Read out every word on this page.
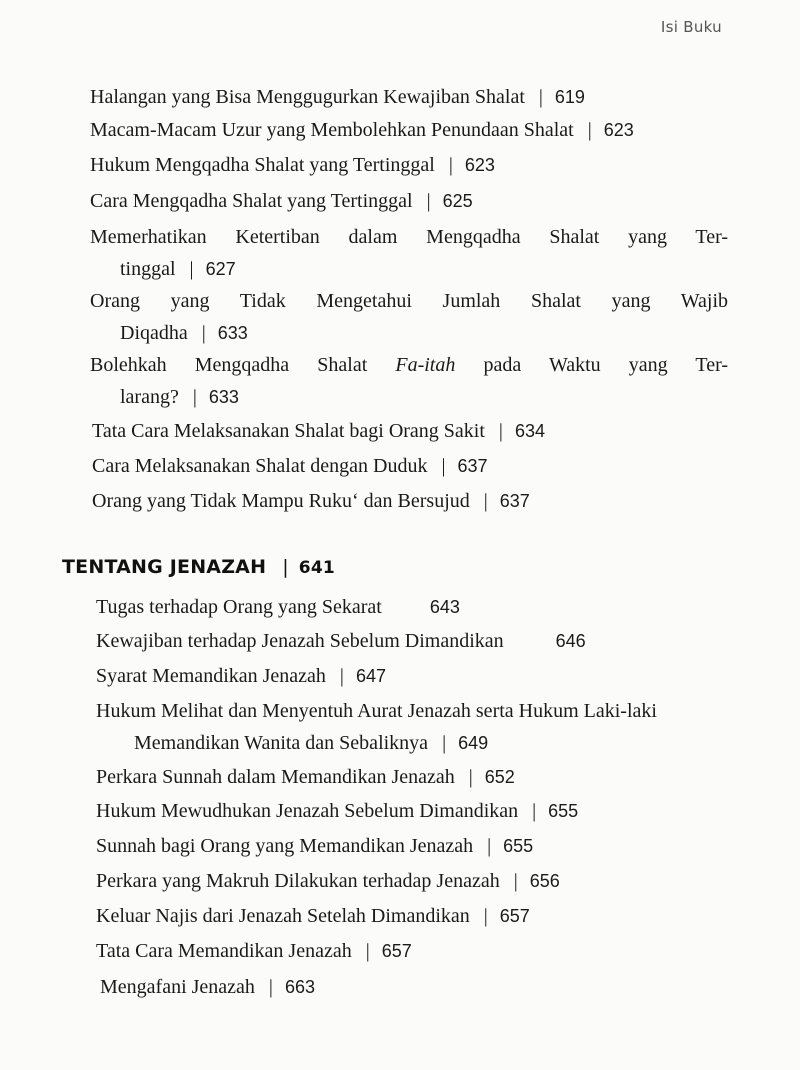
Isi Buku
Halangan yang Bisa Menggugurkan Kewajiban Shalat | 619
Macam-Macam Uzur yang Membolehkan Penundaan Shalat | 623
Hukum Mengqadha Shalat yang Tertinggal | 623
Cara Mengqadha Shalat yang Tertinggal | 625
Memerhatikan Ketertiban dalam Mengqadha Shalat yang Ter-
tinggal | 627
Orang yang Tidak Mengetahui Jumlah Shalat yang Wajib
Diqadha | 633
Bolehkah Mengqadha Shalat Fa-itah pada Waktu yang Ter-
larang? | 633
Tata Cara Melaksanakan Shalat bagi Orang Sakit | 634
Cara Melaksanakan Shalat dengan Duduk | 637
Orang yang Tidak Mampu Ruku‘ dan Bersujud | 637
TENTANG JENAZAH | 641
Tugas terhadap Orang yang Sekarat	643
Kewajiban terhadap Jenazah Sebelum Dimandikan	646
Syarat Memandikan Jenazah | 647
Hukum Melihat dan Menyentuh Aurat Jenazah serta Hukum Laki-laki
Memandikan Wanita dan Sebaliknya | 649
Perkara Sunnah dalam Memandikan Jenazah | 652
Hukum Mewudhukan Jenazah Sebelum Dimandikan | 655
Sunnah bagi Orang yang Memandikan Jenazah | 655
Perkara yang Makruh Dilakukan terhadap Jenazah | 656
Keluar Najis dari Jenazah Setelah Dimandikan | 657
Tata Cara Memandikan Jenazah | 657
Mengafani Jenazah | 663
